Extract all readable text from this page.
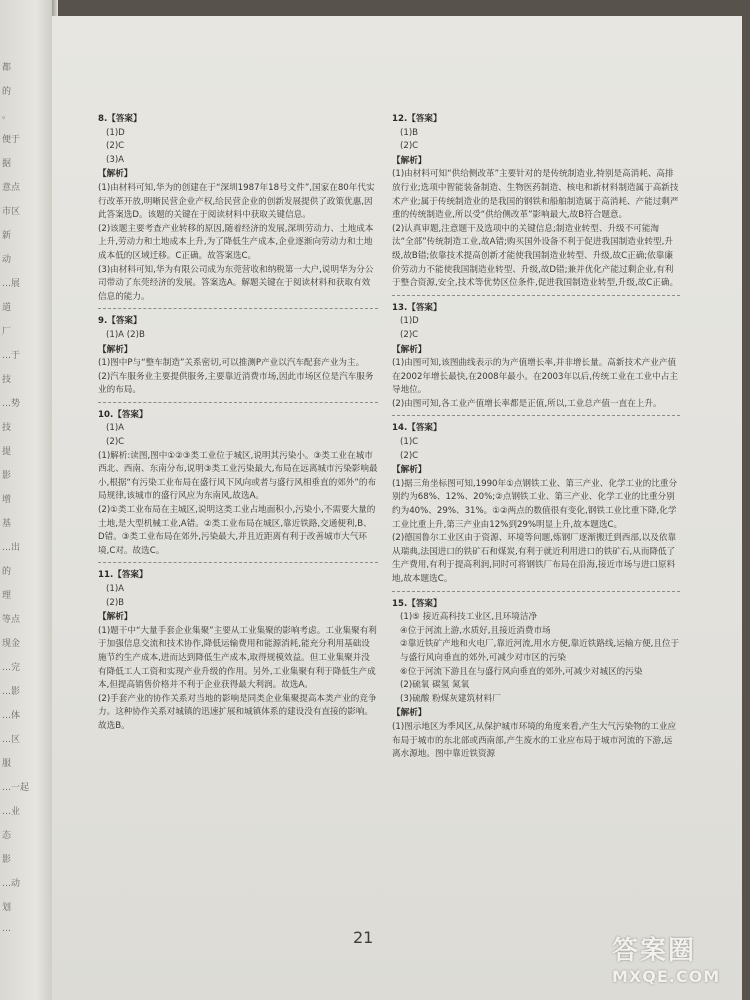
都
的
。
便于
据
意点
市区
新
动
…展
道
厂
…于
技
…势
技
提
影
增
基
…出
的
理
等点
现金
…完
…影
…体
…区
服
…一起
…业
态
影
…动
划
…

8.【答案】

(1)D

(2)C

(3)A

【解析】

(1)由材料可知,华为的创建在于“深圳1987年18号文件”,国家在80年代实行改革开放,明晰民营企业产权,给民营企业的创新发展提供了政策优惠,因此答案选D。该题的关键在于阅读材料中获取关键信息。

(2)该题主要考查产业转移的原因,随着经济的发展,深圳劳动力、土地成本上升,劳动力和土地成本上升,为了降低生产成本,企业逐渐向劳动力和土地成本低的区域迁移。C正确。故答案选C。

(3)由材料可知,华为有限公司成为东莞营收和纳税第一大户,说明华为分公司带动了东莞经济的发展。答案选A。解题关键在于阅读材料和获取有效信息的能力。

9.【答案】

(1)A (2)B

【解析】

(1)图中P与“整车制造”关系密切,可以推测P产业以汽车配套产业为主。

(2)汽车服务业主要提供服务,主要靠近消费市场,因此市场区位是汽车服务业的布局。

10.【答案】

(1)A

(2)C

(1)解析:读图,图中①②③类工业位于城区,说明其污染小。③类工业在城市西北、西南、东南分布,说明③类工业污染最大,布局在远离城市污染影响最小,根据“有污染工业布局在盛行风下风向或者与盛行风相垂直的郊外”的布局规律,该城市的盛行风应为东南风,故选A。

(2)①类工业布局在主城区,说明这类工业占地面积小,污染小,不需要大量的土地,是大型机械工业,A错。②类工业布局在城区,靠近铁路,交通便利,B、D错。③类工业布局在郊外,污染最大,并且近距离有利于改善城市大气环境,C对。故选C。

11.【答案】

(1)A

(2)B

【解析】

(1)题干中“大量手套企业集聚”主要从工业集聚的影响考虑。工业集聚有利于加强信息交流和技术协作,降低运输费用和能源消耗,能充分利用基础设施节约生产成本,进而达到降低生产成本,取得规模效益。但工业集聚并没有降低工人工资和实现产业升级的作用。另外,工业集聚有利于降低生产成本,但提高销售价格并不利于企业获得最大利润。故选A。

(2)手套产业的协作关系对当地的影响是同类企业集聚提高本类产业的竞争力。这种协作关系对城镇的迅速扩展和城镇体系的建设没有直接的影响。故选B。

12.【答案】

(1)B

(2)C

【解析】

(1)由材料可知“供给侧改革”主要针对的是传统制造业,特别是高消耗、高排放行业;选项中智能装备制造、生物医药制造、核电和新材料制造属于高新技术产业;属于传统制造业的是我国的钢铁和船舶制造属于高消耗、产能过剩严重的传统制造业,所以受“供给侧改革”影响最大,故B符合题意。

(2)认真审题,注意题干及选项中的关键信息;制造业转型、升级不可能淘汰“全部”传统制造工业,故A错;购买国外设备不利于促进我国制造业转型,升级,故B错;依靠技术提高创新才能使我国制造业转型、升级,故C正确;依靠廉价劳动力不能使我国制造业转型、升级,故D错;兼并优化产能过剩企业,有利于整合资源,安全,技术等优势区位条件,促进我国制造业转型,升级,故C正确。

13.【答案】

(1)D

(2)C

【解析】

(1)由图可知,该图曲线表示的为产值增长率,并非增长量。高新技术产业产值在2002年增长最快,在2008年最小。在2003年以后,传统工业在工业中占主导地位。

(2)由图可知,各工业产值增长率都是正值,所以,工业总产值一直在上升。

14.【答案】

(1)C

(2)C

【解析】

(1)据三角坐标图可知,1990年①点钢铁工业、第三产业、化学工业的比重分别约为68%、12%、20%;②点钢铁工业、第三产业、化学工业的比重分别约为40%、29%、31%。①②两点的数值很有变化,钢铁工业比重下降,化学工业比重上升,第三产业由12%到29%明显上升,故本题选C。

(2)德国鲁尔工业区由于资源、环境等问题,炼钢厂逐渐搬迁到西部,以及依靠从瑞典,法国进口的铁矿石和煤炭,有利于就近利用进口的铁矿石,从而降低了生产费用,有利于提高利润,同时可将钢铁厂布局在沿海,接近市场与进口原料地,故本题选C。

15.【答案】

(1)⑤ 接近高科技工业区,且环境洁净

④位于河流上游,水质好,且接近消费市场

②靠近铁矿产地和火电厂,靠近河流,用水方便,靠近铁路线,运输方便,且位于与盛行风向垂直的郊外,可减少对市区的污染

⑥位于河流下游且在与盛行风向垂直的郊外,可减少对城区的污染

(2)硫氧 碳氢 氮氧

(3)硫酸 粉煤灰建筑材料厂

【解析】

(1)图示地区为季风区,从保护城市环境的角度来看,产生大气污染物的工业应布局于城市的东北部或西南部,产生废水的工业应布局于城市河流的下游,远离水源地。图中靠近铁资源

21	答案圈
MXQE.COM
